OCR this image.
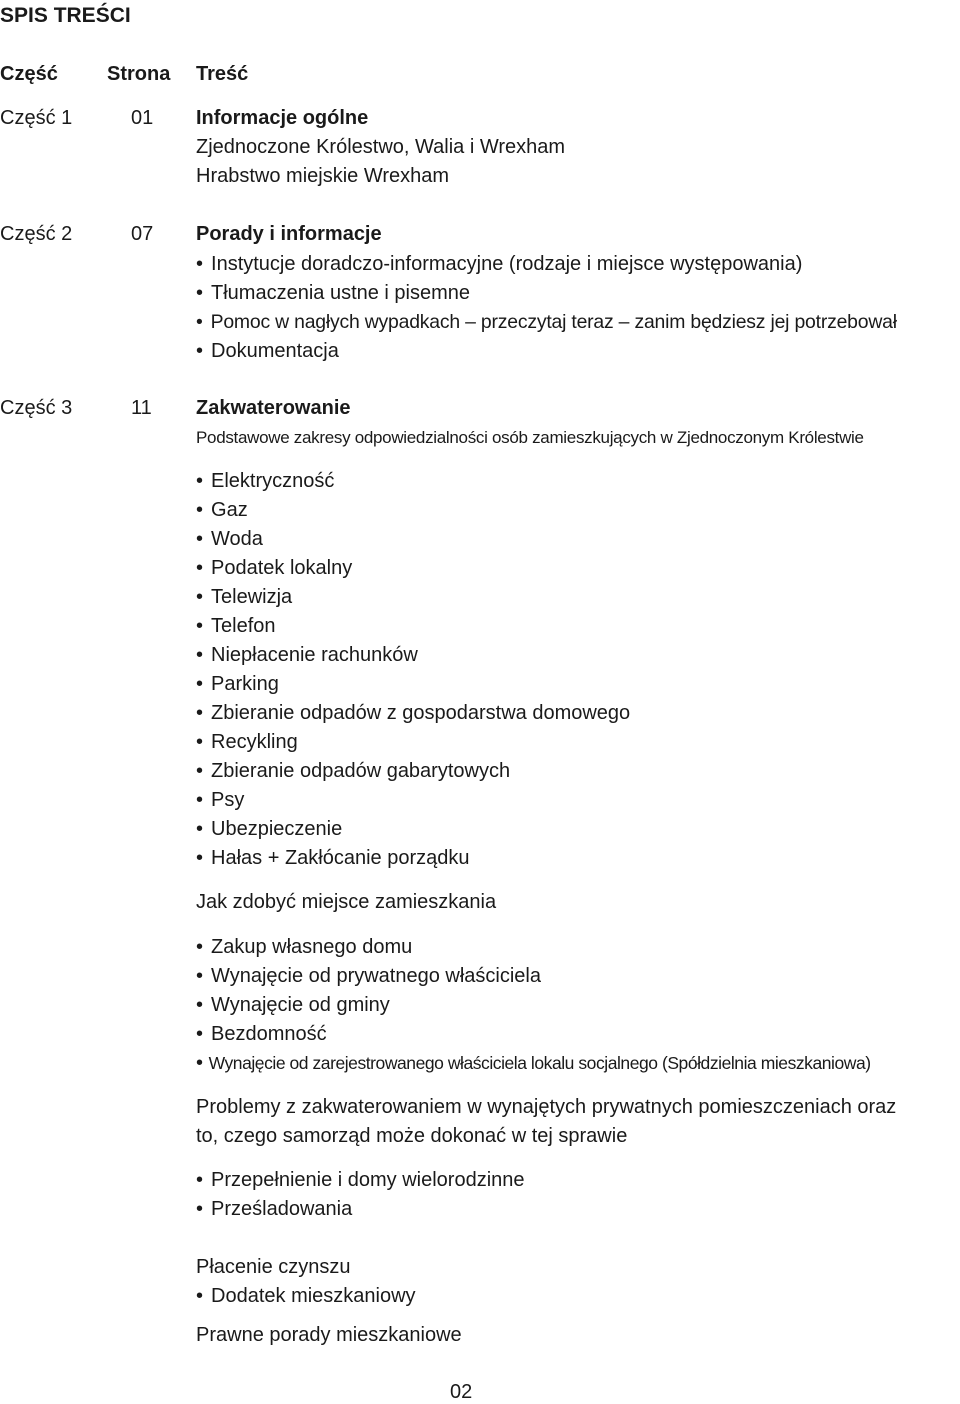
SPIS TREŚCI
Część Strona Treść
Część 1	01 Informacje ogólne
Zjednoczone Królestwo, Walia i Wrexham
Hrabstwo miejskie Wrexham
Część 2	07 Porady i informacje
• Instytucje doradczo-informacyjne (rodzaje i miejsce występowania)
• Tłumaczenia ustne i pisemne
• Pomoc w nagłych wypadkach – przeczytaj teraz – zanim będziesz jej potrzebował
• Dokumentacja
Część 3	11 Zakwaterowanie
Podstawowe zakresy odpowiedzialności osób zamieszkujących w Zjednoczonym Królestwie
• Elektryczność
• Gaz
• Woda
• Podatek lokalny
• Telewizja
• Telefon
• Niepłacenie rachunków
• Parking
• Zbieranie odpadów z gospodarstwa domowego
• Recykling
• Zbieranie odpadów gabarytowych
• Psy
• Ubezpieczenie
• Hałas + Zakłócanie porządku
Jak zdobyć miejsce zamieszkania
• Zakup własnego domu
• Wynajęcie od prywatnego właściciela
• Wynajęcie od gminy
• Bezdomność
• Wynajęcie od zarejestrowanego właściciela lokalu socjalnego (Spółdzielnia mieszkaniowa)
Problemy z zakwaterowaniem w wynajętych prywatnych pomieszczeniach oraz
to, czego samorząd może dokonać w tej sprawie
• Przepełnienie i domy wielorodzinne
• Prześladowania
Płacenie czynszu
• Dodatek mieszkaniowy
Prawne porady mieszkaniowe
02
